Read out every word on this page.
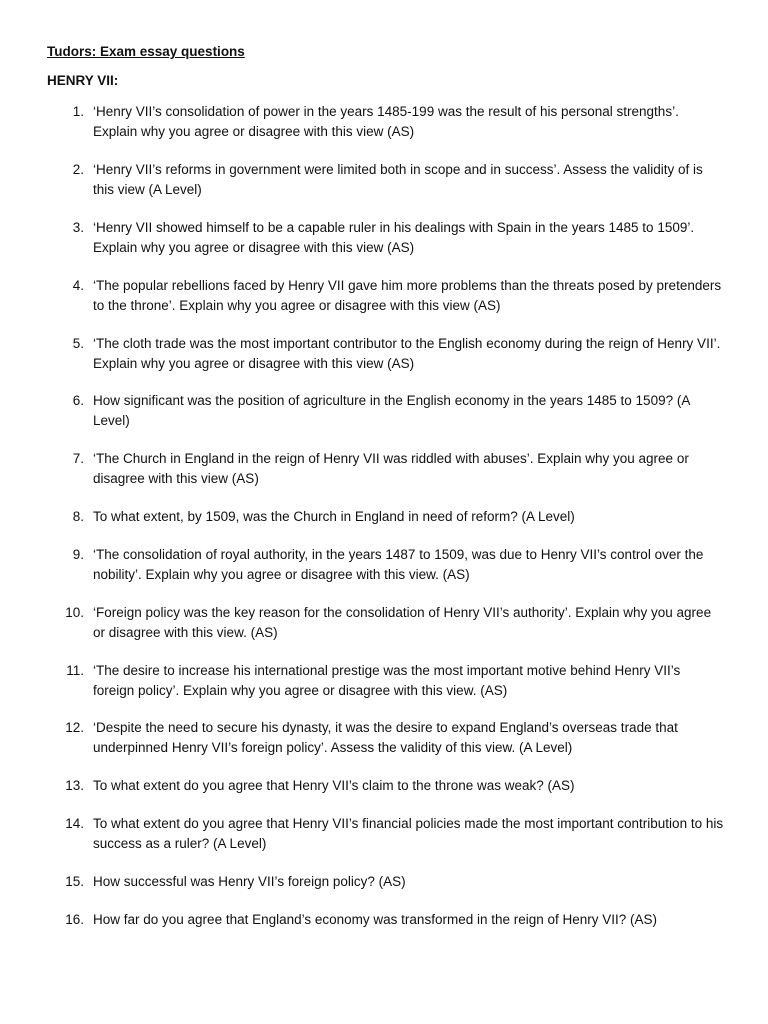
Tudors: Exam essay questions
HENRY VII:
1. ‘Henry VII’s consolidation of power in the years 1485-199 was the result of his personal strengths’. Explain why you agree or disagree with this view (AS)
2. ‘Henry VII’s reforms in government were limited both in scope and in success’. Assess the validity of is this view (A Level)
3. ‘Henry VII showed himself to be a capable ruler in his dealings with Spain in the years 1485 to 1509’. Explain why you agree or disagree with this view (AS)
4. ‘The popular rebellions faced by Henry VII gave him more problems than the threats posed by pretenders to the throne’. Explain why you agree or disagree with this view (AS)
5. ‘The cloth trade was the most important contributor to the English economy during the reign of Henry VII’. Explain why you agree or disagree with this view (AS)
6. How significant was the position of agriculture in the English economy in the years 1485 to 1509? (A Level)
7. ‘The Church in England in the reign of Henry VII was riddled with abuses’. Explain why you agree or disagree with this view (AS)
8. To what extent, by 1509, was the Church in England in need of reform? (A Level)
9. ‘The consolidation of royal authority, in the years 1487 to 1509, was due to Henry VII’s control over the nobility’. Explain why you agree or disagree with this view. (AS)
10. ‘Foreign policy was the key reason for the consolidation of Henry VII’s authority’. Explain why you agree or disagree with this view. (AS)
11. ‘The desire to increase his international prestige was the most important motive behind Henry VII’s foreign policy’. Explain why you agree or disagree with this view. (AS)
12. ‘Despite the need to secure his dynasty, it was the desire to expand England’s overseas trade that underpinned Henry VII’s foreign policy’. Assess the validity of this view. (A Level)
13. To what extent do you agree that Henry VII’s claim to the throne was weak? (AS)
14. To what extent do you agree that Henry VII’s financial policies made the most important contribution to his success as a ruler? (A Level)
15. How successful was Henry VII’s foreign policy? (AS)
16. How far do you agree that England’s economy was transformed in the reign of Henry VII? (AS)
